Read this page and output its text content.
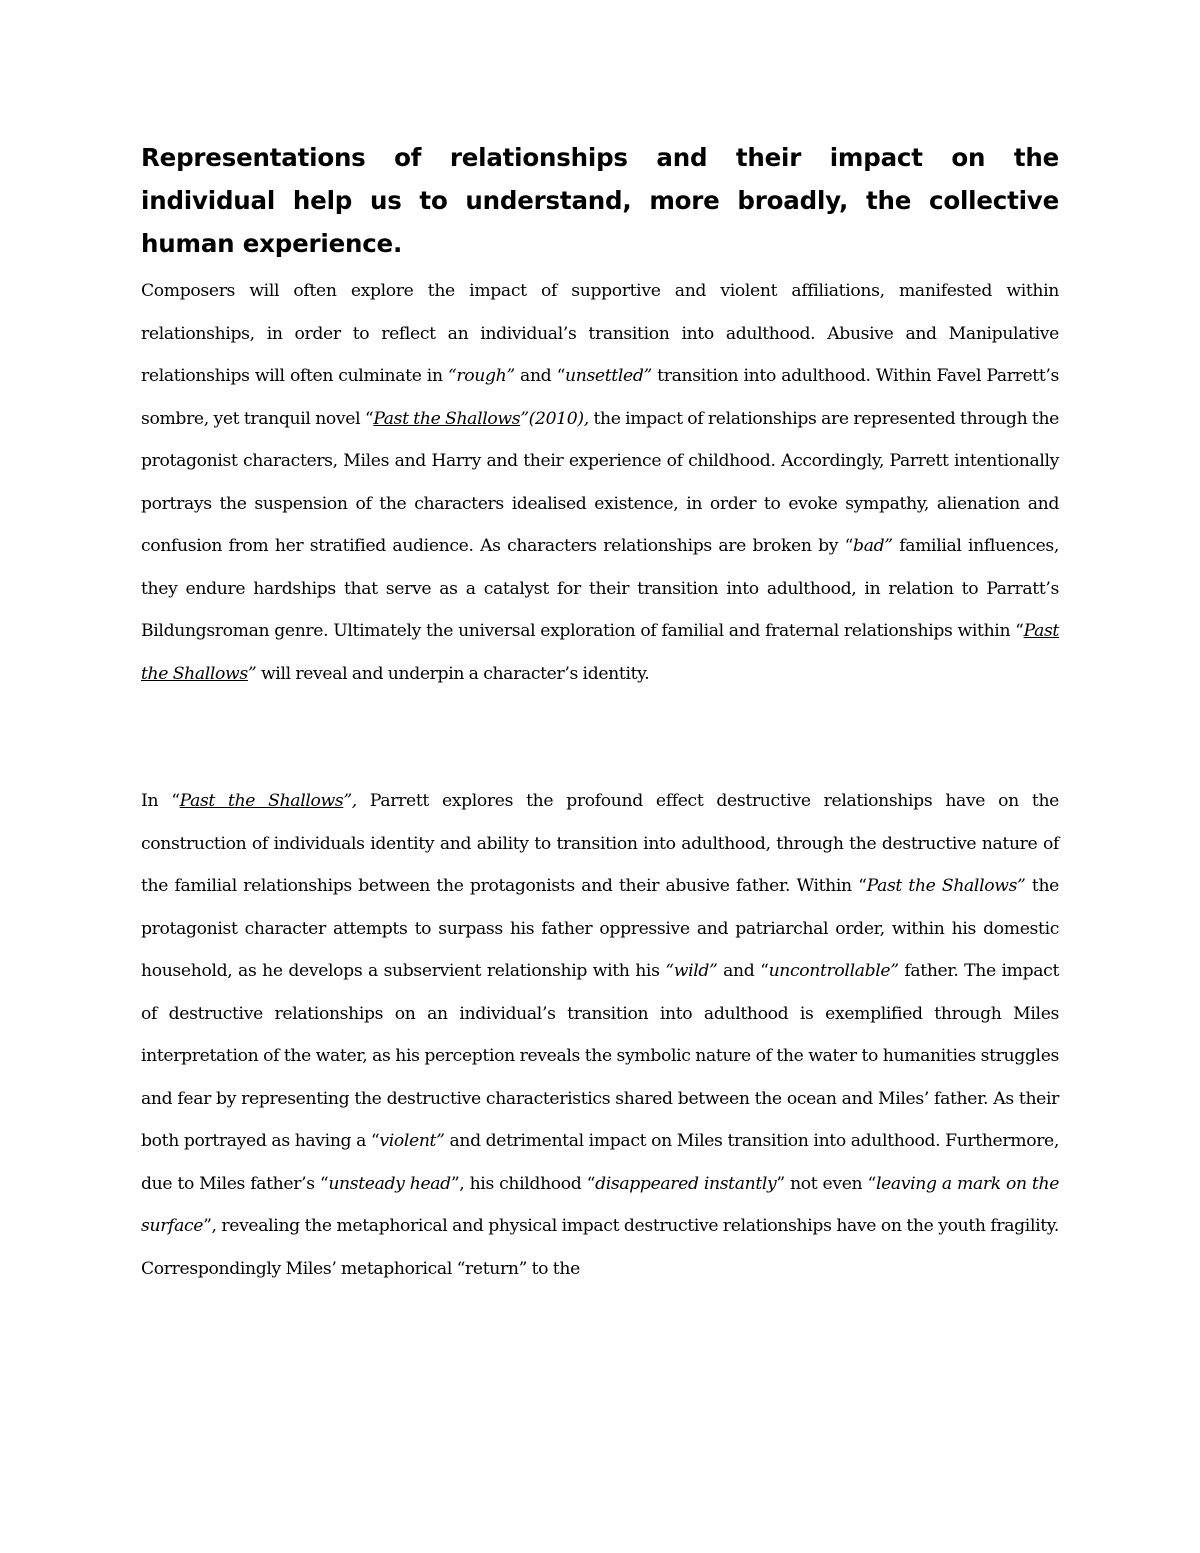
Representations of relationships and their impact on the individual help us to understand, more broadly, the collective human experience.

Composers will often explore the impact of supportive and violent affiliations, manifested within relationships, in order to reflect an individual’s transition into adulthood. Abusive and Manipulative relationships will often culminate in “rough” and “unsettled” transition into adulthood. Within Favel Parrett’s sombre, yet tranquil novel “Past the Shallows”(2010), the impact of relationships are represented through the protagonist characters, Miles and Harry and their experience of childhood. Accordingly, Parrett intentionally portrays the suspension of the characters idealised existence, in order to evoke sympathy, alienation and confusion from her stratified audience. As characters relationships are broken by “bad” familial influences, they endure hardships that serve as a catalyst for their transition into adulthood, in relation to Parratt’s Bildungsroman genre. Ultimately the universal exploration of familial and fraternal relationships within “Past the Shallows” will reveal and underpin a character’s identity.

In “Past the Shallows”, Parrett explores the profound effect destructive relationships have on the construction of individuals identity and ability to transition into adulthood, through the destructive nature of the familial relationships between the protagonists and their abusive father. Within “Past the Shallows” the protagonist character attempts to surpass his father oppressive and patriarchal order, within his domestic household, as he develops a subservient relationship with his “wild” and “uncontrollable” father. The impact of destructive relationships on an individual’s transition into adulthood is exemplified through Miles interpretation of the water, as his perception reveals the symbolic nature of the water to humanities struggles and fear by representing the destructive characteristics shared between the ocean and Miles’ father. As their both portrayed as having a “violent” and detrimental impact on Miles transition into adulthood. Furthermore, due to Miles father’s “unsteady head”, his childhood “disappeared instantly” not even “leaving a mark on the surface”, revealing the metaphorical and physical impact destructive relationships have on the youth fragility. Correspondingly Miles’ metaphorical “return” to the
